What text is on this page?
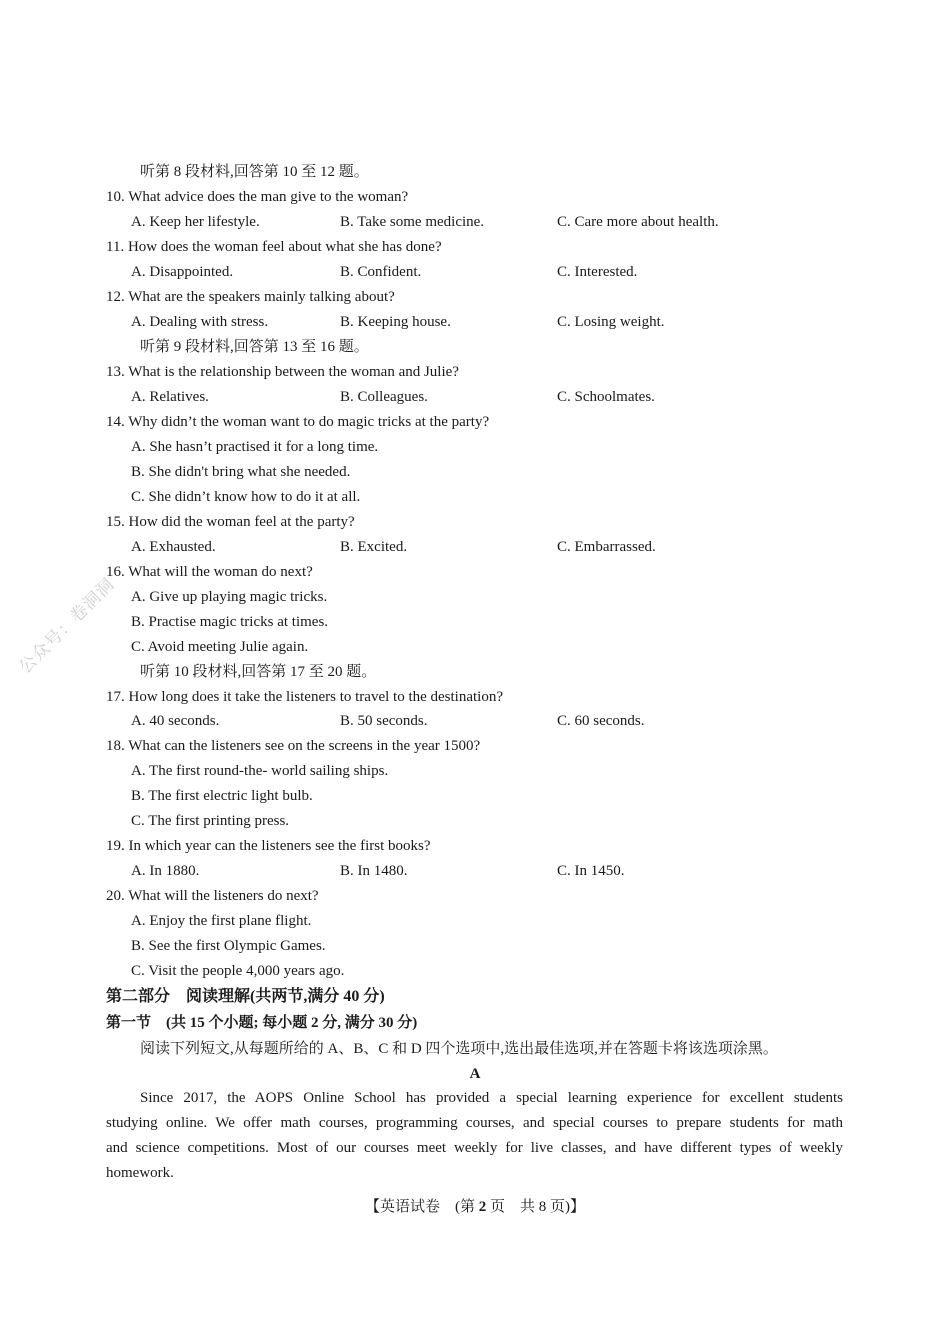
公众号：卷洞洞
听第 8 段材料,回答第 10 至 12 题。
10. What advice does the man give to the woman?
A. Keep her lifestyle.	B. Take some medicine.	C. Care more about health.
11. How does the woman feel about what she has done?
A. Disappointed.	B. Confident.	C. Interested.
12. What are the speakers mainly talking about?
A. Dealing with stress.	B. Keeping house.	C. Losing weight.
听第 9 段材料,回答第 13 至 16 题。
13. What is the relationship between the woman and Julie?
A. Relatives.	B. Colleagues.	C. Schoolmates.
14. Why didn’t the woman want to do magic tricks at the party?
A. She hasn’t practised it for a long time.
B. She didn't bring what she needed.
C. She didn’t know how to do it at all.
15. How did the woman feel at the party?
A. Exhausted.	B. Excited.	C. Embarrassed.
16. What will the woman do next?
A. Give up playing magic tricks.
B. Practise magic tricks at times.
C. Avoid meeting Julie again.
听第 10 段材料,回答第 17 至 20 题。
17. How long does it take the listeners to travel to the destination?
A. 40 seconds.	B. 50 seconds.	C. 60 seconds.
18. What can the listeners see on the screens in the year 1500?
A. The first round-the- world sailing ships.
B. The first electric light bulb.
C. The first printing press.
19. In which year can the listeners see the first books?
A. In 1880.	B. In 1480.	C. In 1450.
20. What will the listeners do next?
A. Enjoy the first plane flight.
B. See the first Olympic Games.
C. Visit the people 4,000 years ago.
第二部分　阅读理解(共两节,满分 40 分)
第一节　(共 15 个小题; 每小题 2 分, 满分 30 分)
阅读下列短文,从每题所给的 A、B、C 和 D 四个选项中,选出最佳选项,并在答题卡将该选项涂黑。
A
Since 2017, the AOPS Online School has provided a special learning experience for excellent students
studying online. We offer math courses, programming courses, and special courses to prepare students for math
and science competitions. Most of our courses meet weekly for live classes, and have different types of weekly
homework.
【英语试卷　(第 2 页　共 8 页)】
